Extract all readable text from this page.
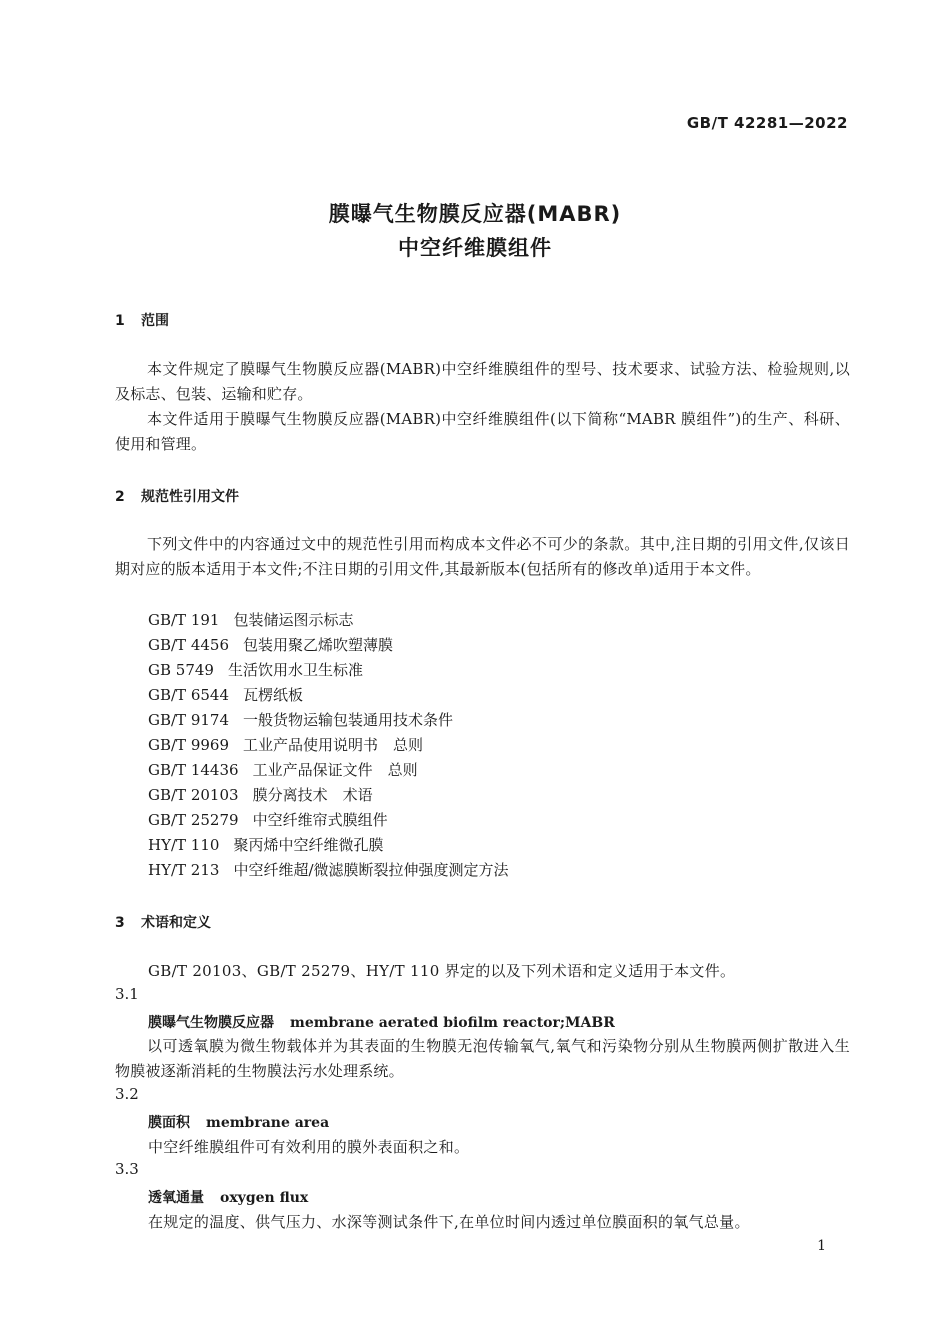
GB/T 42281—2022
膜曝气生物膜反应器(MABR)
中空纤维膜组件
1 范围
本文件规定了膜曝气生物膜反应器(MABR)中空纤维膜组件的型号、技术要求、试验方法、检验规则,以及标志、包装、运输和贮存。
本文件适用于膜曝气生物膜反应器(MABR)中空纤维膜组件(以下简称“MABR 膜组件”)的生产、科研、使用和管理。
2 规范性引用文件
下列文件中的内容通过文中的规范性引用而构成本文件必不可少的条款。其中,注日期的引用文件,仅该日期对应的版本适用于本文件;不注日期的引用文件,其最新版本(包括所有的修改单)适用于本文件。
GB/T 191 包装储运图示标志
GB/T 4456 包装用聚乙烯吹塑薄膜
GB 5749 生活饮用水卫生标准
GB/T 6544 瓦楞纸板
GB/T 9174 一般货物运输包装通用技术条件
GB/T 9969 工业产品使用说明书　总则
GB/T 14436 工业产品保证文件　总则
GB/T 20103 膜分离技术　术语
GB/T 25279 中空纤维帘式膜组件
HY/T 110 聚丙烯中空纤维微孔膜
HY/T 213 中空纤维超/微滤膜断裂拉伸强度测定方法
3 术语和定义
GB/T 20103、GB/T 25279、HY/T 110 界定的以及下列术语和定义适用于本文件。
3.1
膜曝气生物膜反应器 membrane aerated biofilm reactor;MABR
以可透氧膜为微生物载体并为其表面的生物膜无泡传输氧气,氧气和污染物分别从生物膜两侧扩散进入生物膜被逐渐消耗的生物膜法污水处理系统。
3.2
膜面积 membrane area
中空纤维膜组件可有效利用的膜外表面积之和。
3.3
透氧通量 oxygen flux
在规定的温度、供气压力、水深等测试条件下,在单位时间内透过单位膜面积的氧气总量。
1
